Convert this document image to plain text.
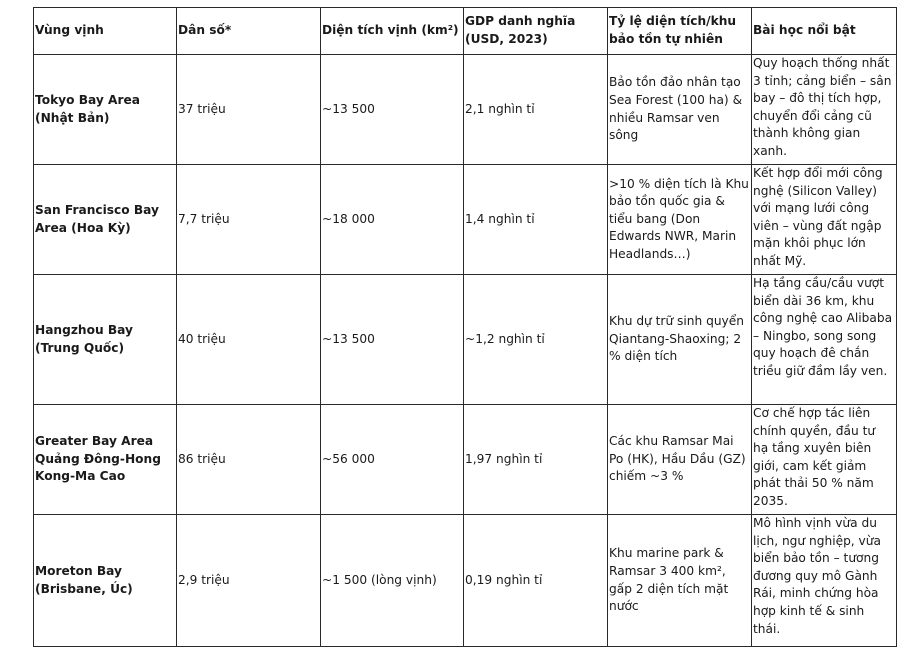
Vùng vịnh	Dân số*	Diện tích vịnh (km²)	GDP danh nghĩa (USD, 2023)	Tỷ lệ diện tích/khu bảo tồn tự nhiên	Bài học nổi bật
Tokyo Bay Area (Nhật Bản)	37 triệu	~13 500	2,1 nghìn tỉ	Bảo tồn đảo nhân tạo Sea Forest (100 ha) & nhiều Ramsar ven sông	Quy hoạch thống nhất 3 tỉnh; cảng biển – sân bay – đô thị tích hợp, chuyển đổi cảng cũ thành không gian xanh.
San Francisco Bay Area (Hoa Kỳ)	7,7 triệu	~18 000	1,4 nghìn tỉ	>10 % diện tích là Khu bảo tồn quốc gia & tiểu bang (Don Edwards NWR, Marin Headlands…)	Kết hợp đổi mới công nghệ (Silicon Valley) với mạng lưới công viên – vùng đất ngập mặn khôi phục lớn nhất Mỹ.
Hangzhou Bay (Trung Quốc)	40 triệu	~13 500	~1,2 nghìn tỉ	Khu dự trữ sinh quyển Qiantang-Shaoxing; 2 % diện tích	Hạ tầng cầu/cầu vượt biển dài 36 km, khu công nghệ cao Alibaba – Ningbo, song song quy hoạch đê chắn triều giữ đầm lầy ven.
Greater Bay Area Quảng Đông-Hong Kong-Ma Cao	86 triệu	~56 000	1,97 nghìn tỉ	Các khu Ramsar Mai Po (HK), Hầu Dầu (GZ) chiếm ~3 %	Cơ chế hợp tác liên chính quyền, đầu tư hạ tầng xuyên biên giới, cam kết giảm phát thải 50 % năm 2035.
Moreton Bay (Brisbane, Úc)	2,9 triệu	~1 500 (lòng vịnh)	0,19 nghìn tỉ	Khu marine park & Ramsar 3 400 km², gấp 2 diện tích mặt nước	Mô hình vịnh vừa du lịch, ngư nghiệp, vừa biển bảo tồn – tương đương quy mô Gành Rái, minh chứng hòa hợp kinh tế & sinh thái.
